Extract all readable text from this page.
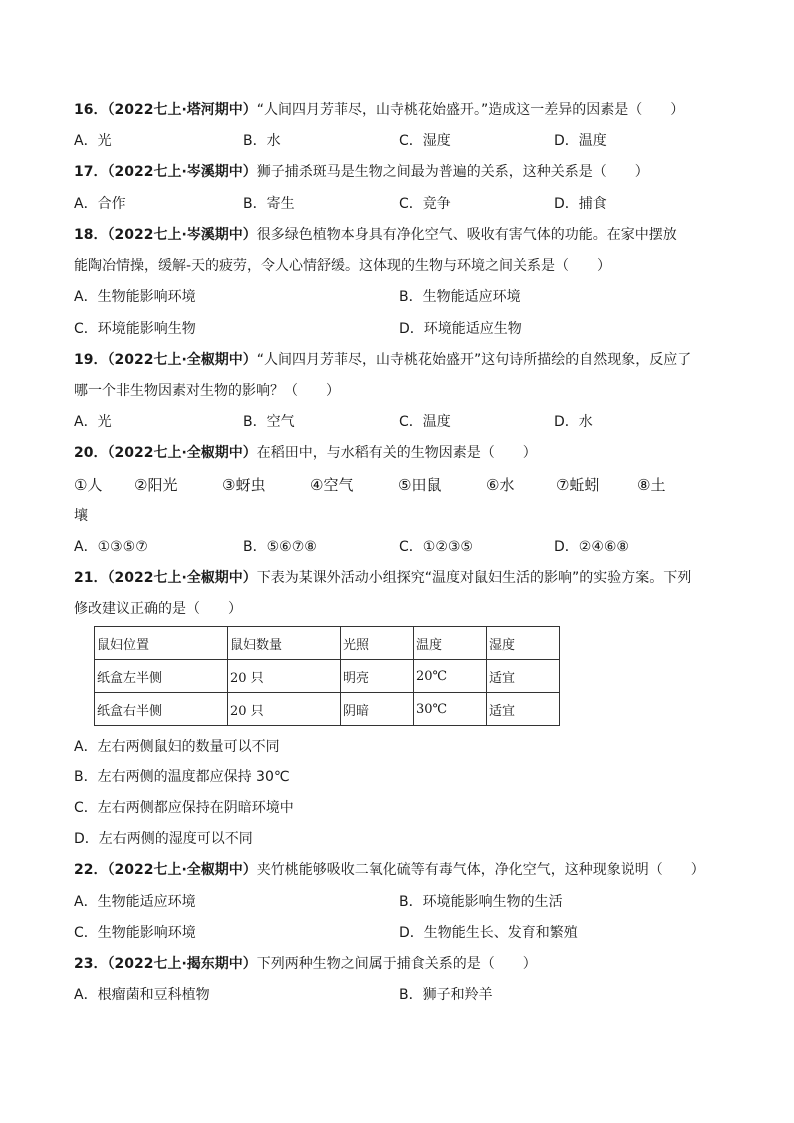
16．（2022七上·塔河期中）“人间四月芳菲尽，山寺桃花始盛开。”造成这一差异的因素是（　　）
A．光	B．水	C．湿度	D．温度
17．（2022七上·岑溪期中）狮子捕杀斑马是生物之间最为普遍的关系，这种关系是（　　）
A．合作	B．寄生	C．竞争	D．捕食
18．（2022七上·岑溪期中）很多绿色植物本身具有净化空气、吸收有害气体的功能。在家中摆放
能陶冶情操，缓解-天的疲劳，令人心情舒缓。这体现的生物与环境之间关系是（　　）
A．生物能影响环境	B．生物能适应环境
C．环境能影响生物	D．环境能适应生物
19．（2022七上·全椒期中）“人间四月芳菲尽，山寺桃花始盛开”这句诗所描绘的自然现象，反应了
哪一个非生物因素对生物的影响？（　　）
A．光	B．空气	C．温度	D．水
20．（2022七上·全椒期中）在稻田中，与水稻有关的生物因素是（　　）
①人 ②阳光	③蚜虫	④空气	⑤田鼠	⑥水	⑦蚯蚓	⑧土
壤
A．①③⑤⑦	B．⑤⑥⑦⑧	C．①②③⑤	D．②④⑥⑧
21．（2022七上·全椒期中）下表为某课外活动小组探究“温度对鼠妇生活的影响”的实验方案。下列
修改建议正确的是（　　）
鼠妇位置	鼠妇数量	光照	温度	湿度
纸盒左半侧	20 只	明亮	20℃	适宜
纸盒右半侧	20 只	阴暗	30℃	适宜
A．左右两侧鼠妇的数量可以不同
B．左右两侧的温度都应保持 30℃
C．左右两侧都应保持在阴暗环境中
D．左右两侧的湿度可以不同
22．（2022七上·全椒期中）夹竹桃能够吸收二氧化硫等有毒气体，净化空气，这种现象说明（　　）
A．生物能适应环境	B．环境能影响生物的生活
C．生物能影响环境	D．生物能生长、发育和繁殖
23．（2022七上·揭东期中）下列两种生物之间属于捕食关系的是（　　）
A．根瘤菌和豆科植物	B．狮子和羚羊
